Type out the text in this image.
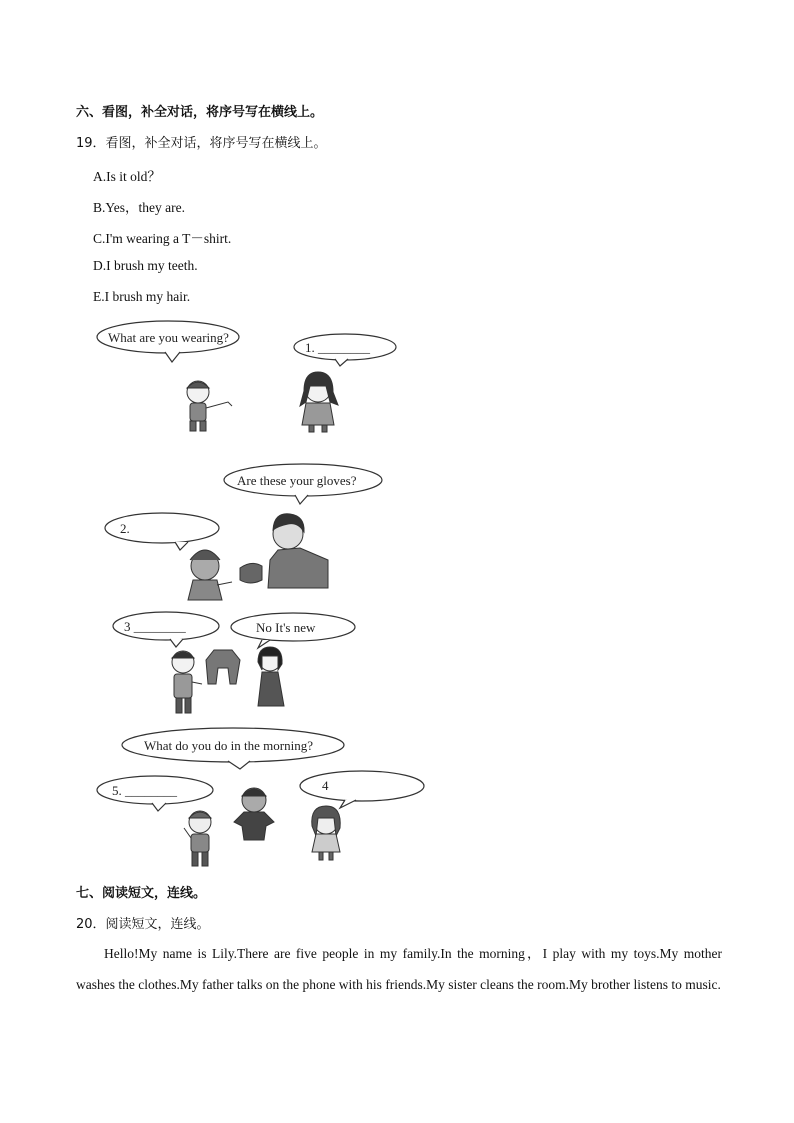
六、看图，补全对话，将序号写在横线上。
19．看图，补全对话，将序号写在横线上。
A.Is it old？
B.Yes，they are.
C.I'm wearing a T－shirt.
D.I brush my teeth.
E.I brush my hair.
What are you wearing?
1. ________
Are these your gloves?
2.
3 ________	No It's new
What do you do in the morning?
5. ________	4
七、阅读短文，连线。
20．阅读短文，连线。
Hello!My name is Lily.There are five people in my family.In the morning，I play with my toys.My mother washes the clothes.My father talks on the phone with his friends.My sister cleans the room.My brother listens to music.
